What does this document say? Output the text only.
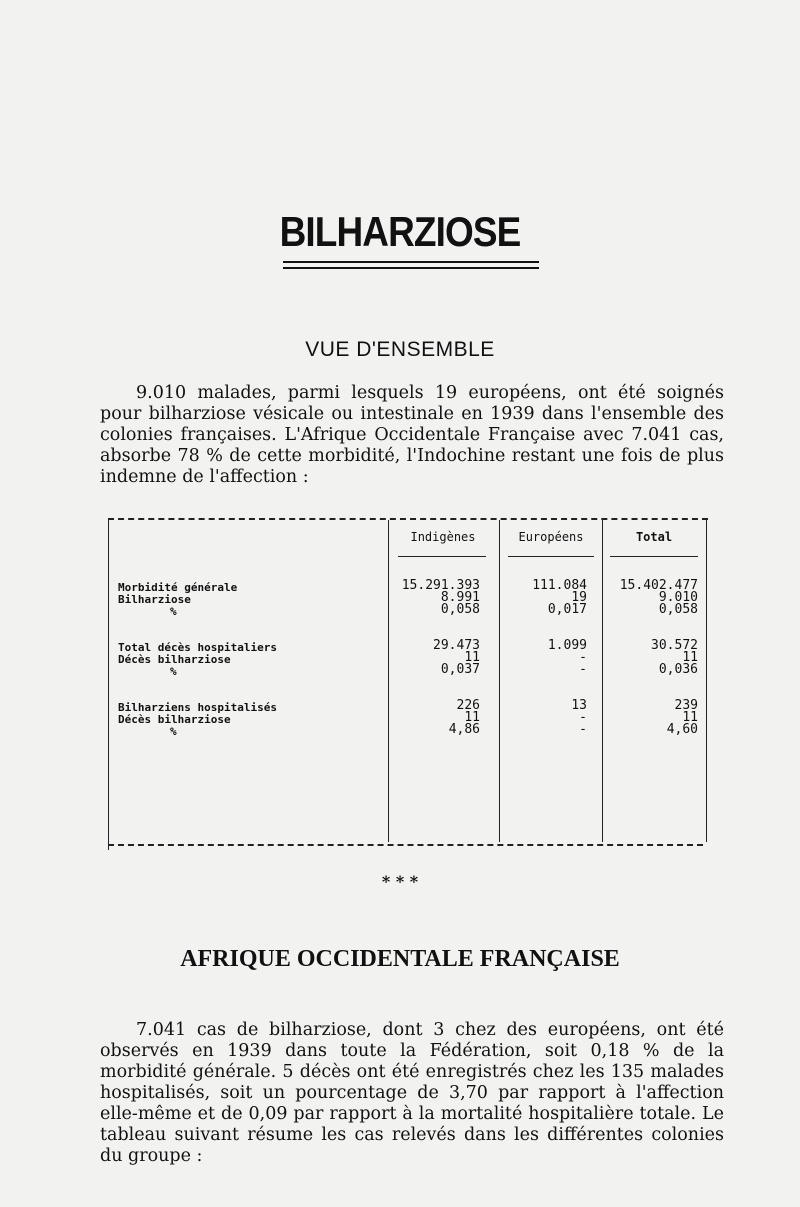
BILHARZIOSE
VUE D'ENSEMBLE

9.010 malades, parmi lesquels 19 européens, ont été soignés pour bilharziose vésicale ou intestinale en 1939 dans l'ensemble des colonies françaises. L'Afrique Occidentale Française avec 7.041 cas, absorbe 78 % de cette morbidité, l'Indochine restant une fois de plus indemne de l'affection :

Indigènes	Européens	Total
Morbidité générale
Bilharziose
%
15.291.393
8.991
0,058
111.084
19
0,017
15.402.477
9.010
0,058
Total décès hospitaliers
Décès bilharziose
%
29.473
11
0,037
1.099
-
-
30.572
11
0,036
Bilharziens hospitalisés
Décès bilharziose
%
226
11
4,86
13
-
-
239
11
4,60
* * *
AFRIQUE OCCIDENTALE FRANÇAISE

7.041 cas de bilharziose, dont 3 chez des européens, ont été observés en 1939 dans toute la Fédération, soit 0,18 % de la morbidité générale. 5 décès ont été enregistrés chez les 135 malades hospitalisés, soit un pourcentage de 3,70 par rapport à l'affection elle-même et de 0,09 par rapport à la mortalité hospitalière totale. Le tableau suivant résume les cas relevés dans les différentes colonies du groupe :
